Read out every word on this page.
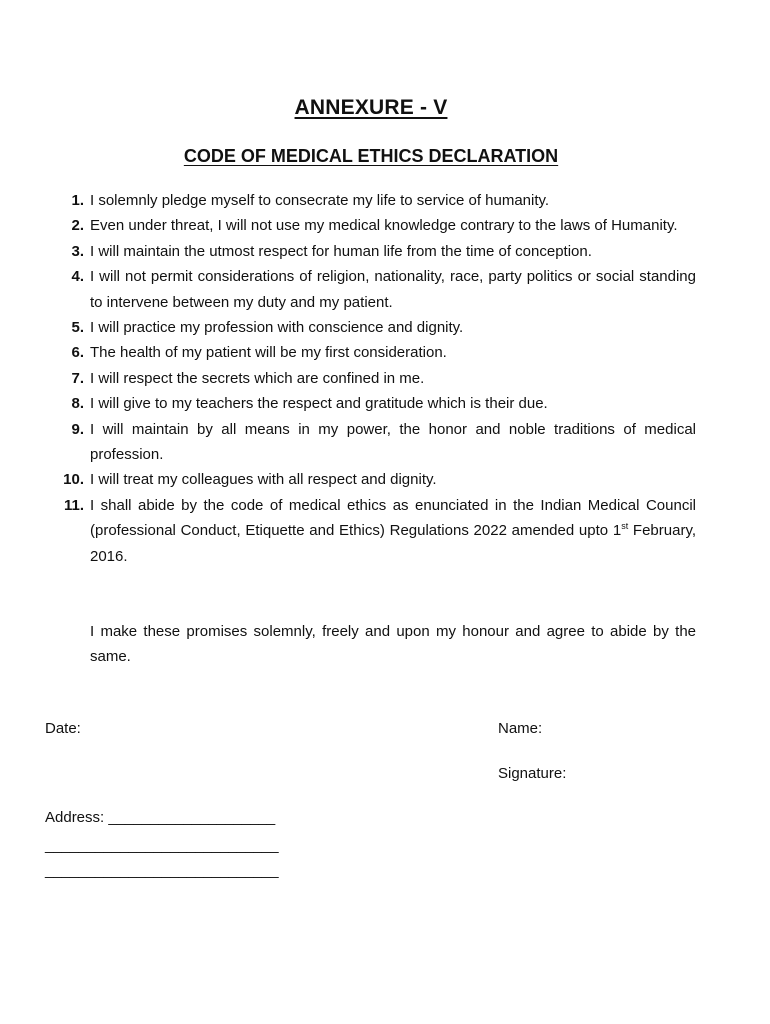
ANNEXURE - V
CODE OF MEDICAL ETHICS DECLARATION
1. I solemnly pledge myself to consecrate my life to service of humanity.
2. Even under threat, I will not use my medical knowledge contrary to the laws of Humanity.
3. I will maintain the utmost respect for human life from the time of conception.
4. I will not permit considerations of religion, nationality, race, party politics or social standing to intervene between my duty and my patient.
5. I will practice my profession with conscience and dignity.
6. The health of my patient will be my first consideration.
7. I will respect the secrets which are confined in me.
8. I will give to my teachers the respect and gratitude which is their due.
9. I will maintain by all means in my power, the honor and noble traditions of medical profession.
10. I will treat my colleagues with all respect and dignity.
11. I shall abide by the code of medical ethics as enunciated in the Indian Medical Council (professional Conduct, Etiquette and Ethics) Regulations 2022 amended upto 1st February, 2016.
I make these promises solemnly, freely and upon my honour and agree to abide by the same.
Date:	Name:
Signature:
Address: ____________________
____________________________
____________________________
